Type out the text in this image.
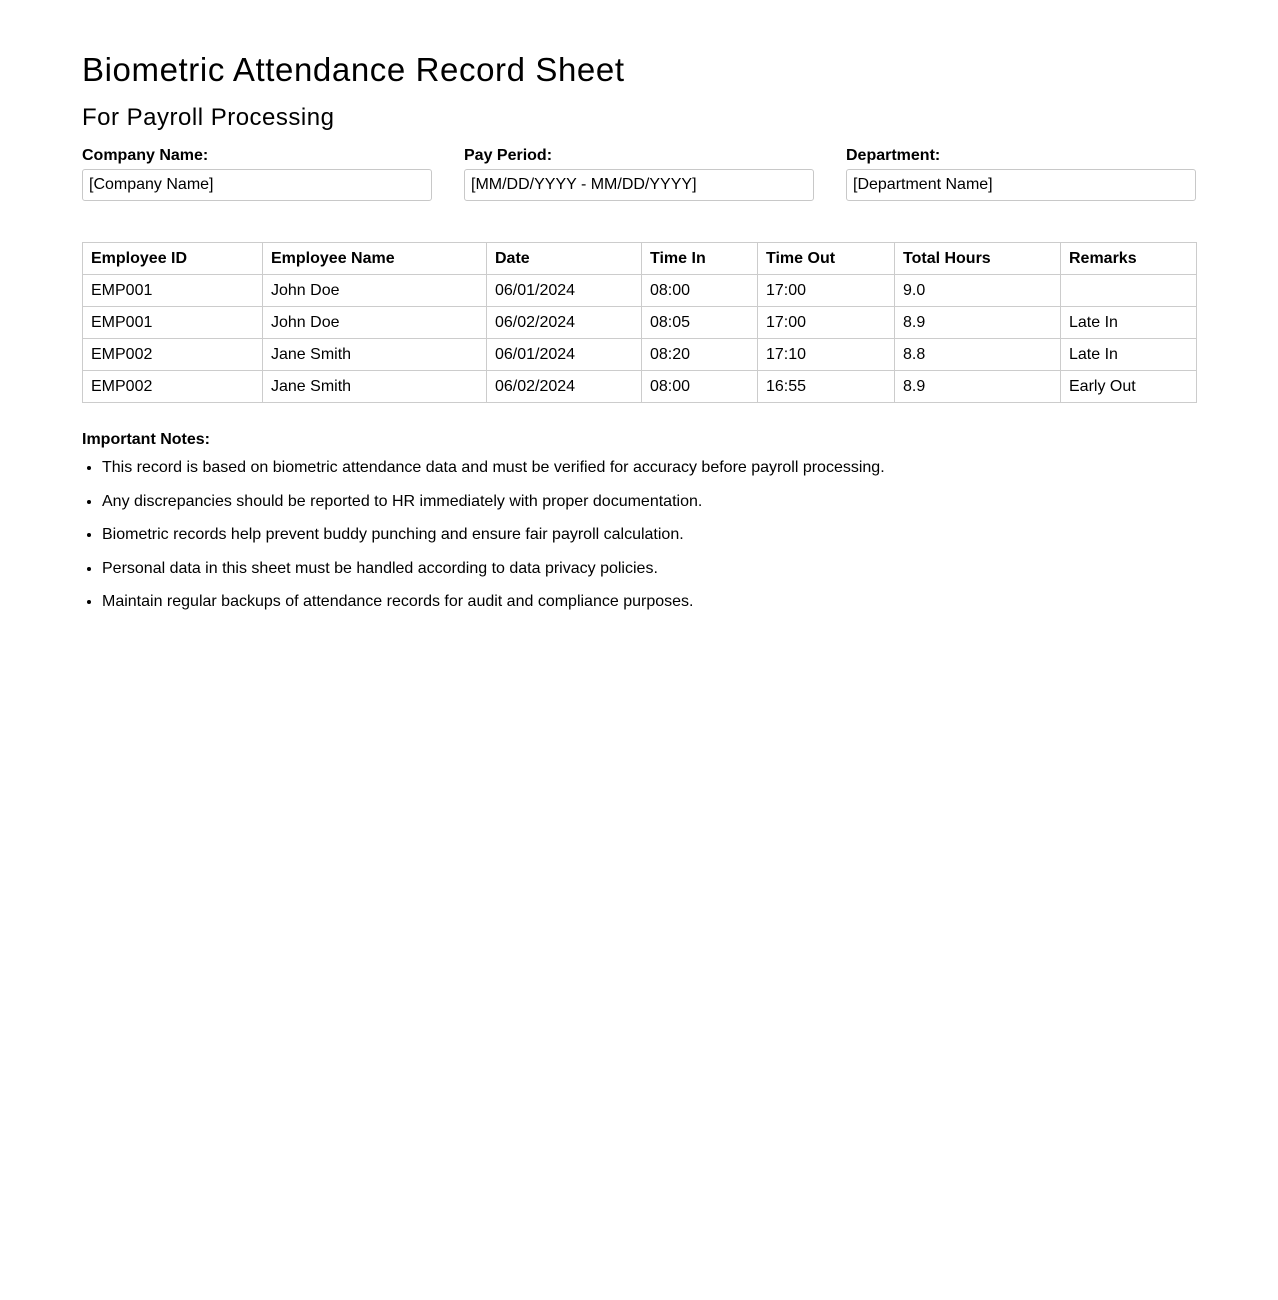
Biometric Attendance Record Sheet
For Payroll Processing
Company Name:
[Company Name]	Pay Period:
[MM/DD/YYYY - MM/DD/YYYY]	Department:
[Department Name]
Employee ID	Employee Name	Date	Time In	Time Out	Total Hours	Remarks
EMP001	John Doe	06/01/2024	08:00	17:00	9.0	
EMP001	John Doe	06/02/2024	08:05	17:00	8.9	Late In
EMP002	Jane Smith	06/01/2024	08:20	17:10	8.8	Late In
EMP002	Jane Smith	06/02/2024	08:00	16:55	8.9	Early Out

Important Notes:

• This record is based on biometric attendance data and must be verified for accuracy before payroll processing.
• Any discrepancies should be reported to HR immediately with proper documentation.
• Biometric records help prevent buddy punching and ensure fair payroll calculation.
• Personal data in this sheet must be handled according to data privacy policies.
• Maintain regular backups of attendance records for audit and compliance purposes.
